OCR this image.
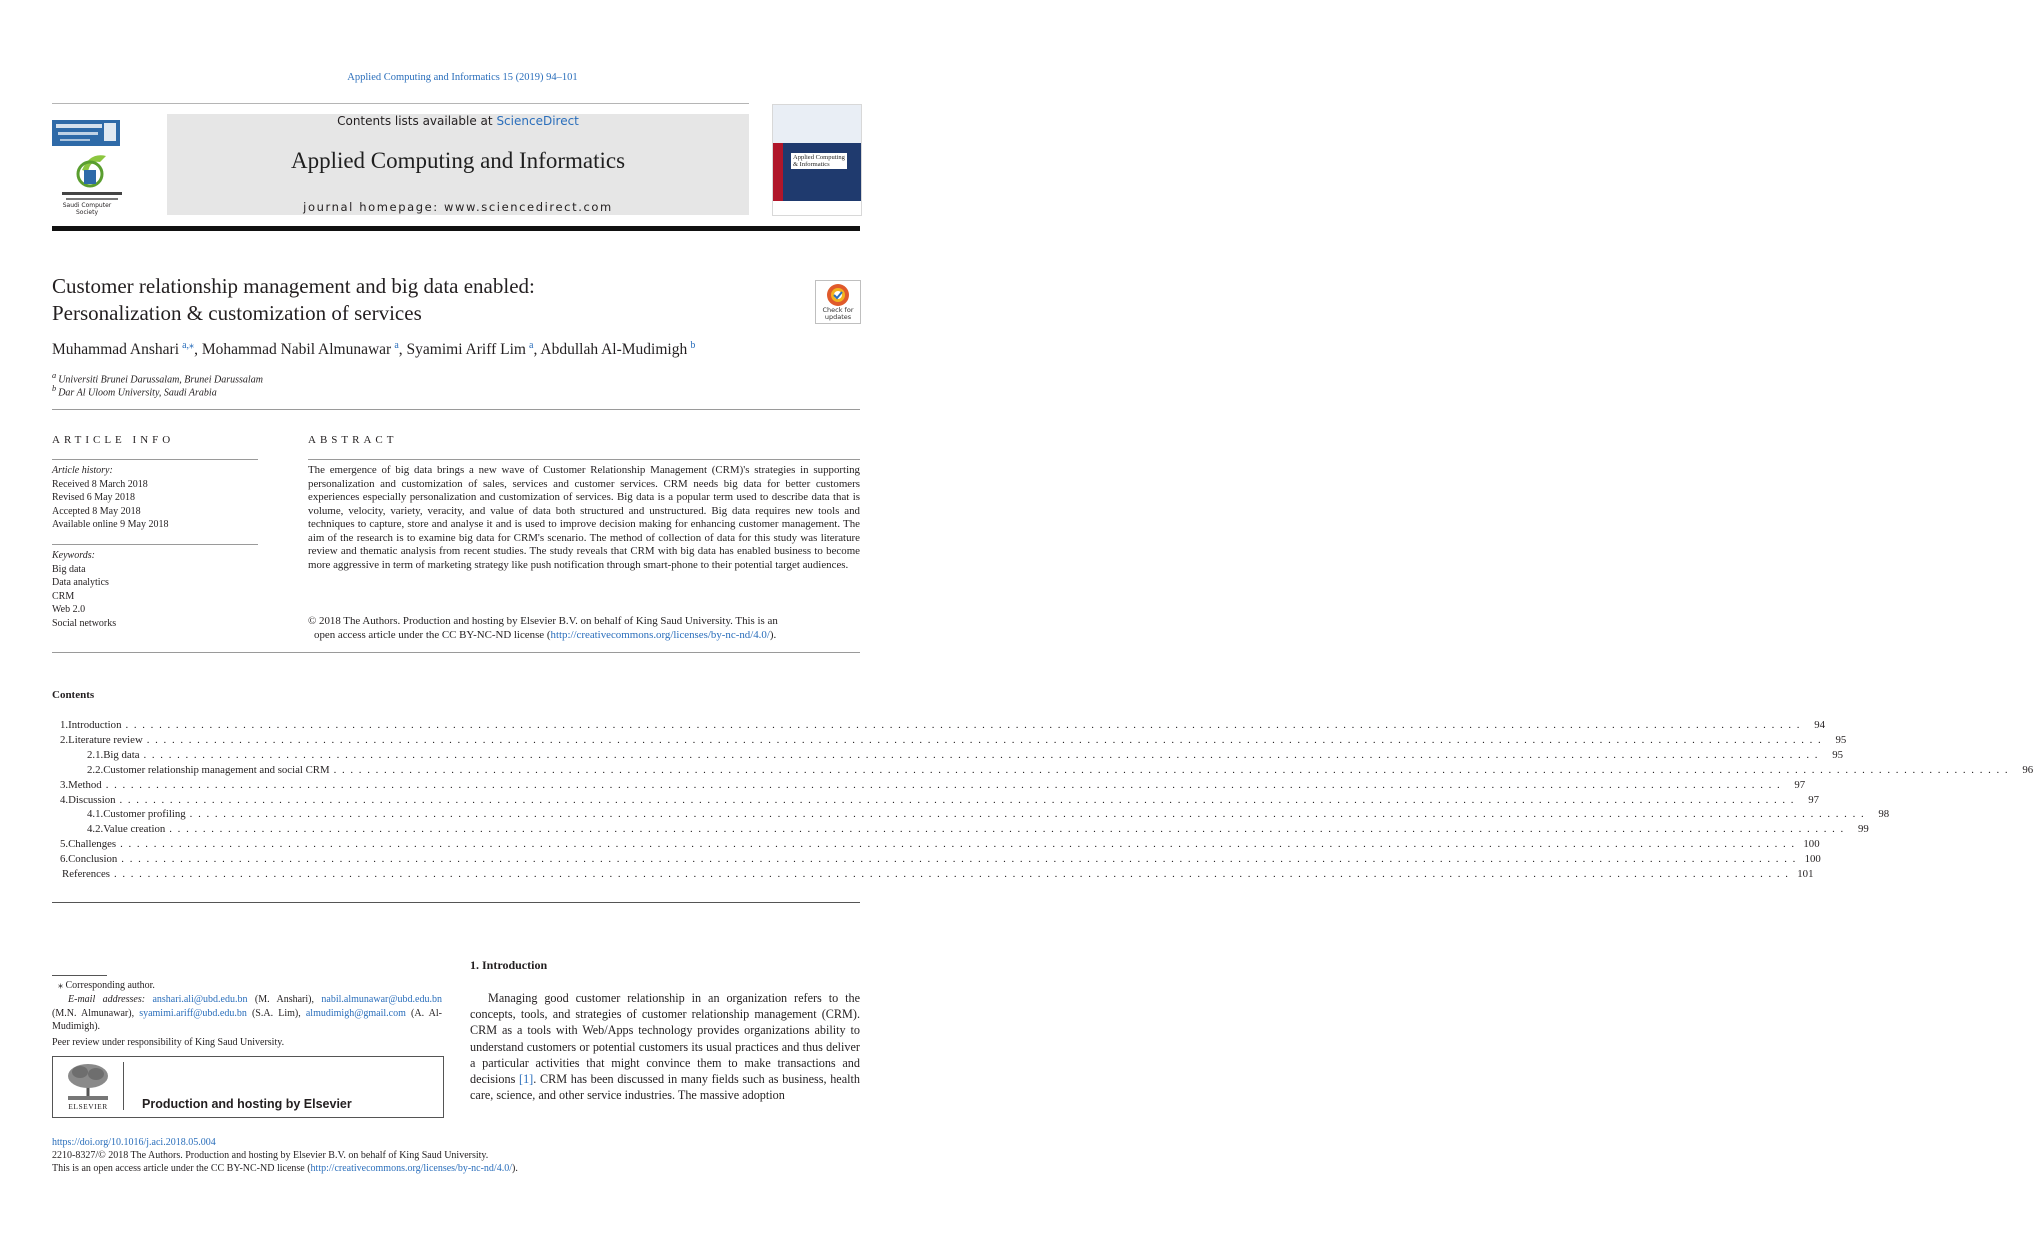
Applied Computing and Informatics 15 (2019) 94–101
Saudi Computer Society
Contents lists available at ScienceDirect
Applied Computing and Informatics
journal homepage: www.sciencedirect.com
Applied Computing
& Informatics
Customer relationship management and big data enabled:
Personalization & customization of services	Check for updates
Muhammad Anshari  $^{a,⁎}$, Mohammad Nabil Almunawar  $^a$, Syamimi Ariff Lim  $^a$, Abdullah Al-Mudimigh  $^b$
$^a$  Universiti Brunei Darussalam, Brunei Darussalam
$^b$  Dar Al Uloom University, Saudi Arabia
ARTICLE INFO
Article history:
Received 8 March 2018
Revised 6 May 2018
Accepted 8 May 2018
Available online 9 May 2018
Keywords:
Big data
Data analytics
CRM
Web 2.0
Social networks
ABSTRACT
The emergence of big data brings a new wave of Customer Relationship Management (CRM)'s strategies in supporting personalization and customization of sales, services and customer services. CRM needs big data for better customers experiences especially personalization and customization of services. Big data is a popular term used to describe data that is volume, velocity, variety, veracity, and value of data both structured and unstructured. Big data requires new tools and techniques to capture, store and analyse it and is used to improve decision making for enhancing customer management. The aim of the research is to examine big data for CRM's scenario. The method of collection of data for this study was literature review and thematic analysis from recent studies. The study reveals that CRM with big data has enabled business to become more aggressive in term of marketing strategy like push notification through smart-phone to their potential target audiences.
© 2018 The Authors. Production and hosting by Elsevier B.V. on behalf of King Saud University. This is an
open access article under the CC BY-NC-ND license (http://creativecommons.org/licenses/by-nc-nd/4.0/).
Contents
1. Introduction . . . . . . . . . . . . . . . . . . . . . . . . . . . . . . . . . . . . . . . . . . . . . . . . . . . . . . . . . . . . . . . . . . . . . . . . . . . . . . . . . . . . . . . . . . . . . . . . . . . . . . . . . . . . . . . . . . . . . . . . . . . . . . . . . . . . . . . . . . . . . . . . . . . . . . . . . . . . . . . . . . . . . . . . . . . . . . . . . . . . . . . . . . . . . . . . . . . . . . . .	94
2. Literature review . . . . . . . . . . . . . . . . . . . . . . . . . . . . . . . . . . . . . . . . . . . . . . . . . . . . . . . . . . . . . . . . . . . . . . . . . . . . . . . . . . . . . . . . . . . . . . . . . . . . . . . . . . . . . . . . . . . . . . . . . . . . . . . . . . . . . . . . . . . . . . . . . . . . . . . . . . . . . . . . . . . . . . . . . . . . . . . . . . . . . . . . . . . . . . . . . . . . . . . .	95
2.1. Big data . . . . . . . . . . . . . . . . . . . . . . . . . . . . . . . . . . . . . . . . . . . . . . . . . . . . . . . . . . . . . . . . . . . . . . . . . . . . . . . . . . . . . . . . . . . . . . . . . . . . . . . . . . . . . . . . . . . . . . . . . . . . . . . . . . . . . . . . . . . . . . . . . . . . . . . . . . . . . . . . . . . . . . . . . . . . . . . . . . . . . . . . . . . . . . . . . . . . . . . .	95
2.2. Customer relationship management and social CRM . . . . . . . . . . . . . . . . . . . . . . . . . . . . . . . . . . . . . . . . . . . . . . . . . . . . . . . . . . . . . . . . . . . . . . . . . . . . . . . . . . . . . . . . . . . . . . . . . . . . . . . . . . . . . . . . . . . . . . . . . . . . . . . . . . . . . . . . . . . . . . . . . . . . . . . . . . . . . . . . . . . . . . . . . . . . . . . . . . . . . . . . . . . . . . . . . . . . . . . .	96
3. Method . . . . . . . . . . . . . . . . . . . . . . . . . . . . . . . . . . . . . . . . . . . . . . . . . . . . . . . . . . . . . . . . . . . . . . . . . . . . . . . . . . . . . . . . . . . . . . . . . . . . . . . . . . . . . . . . . . . . . . . . . . . . . . . . . . . . . . . . . . . . . . . . . . . . . . . . . . . . . . . . . . . . . . . . . . . . . . . . . . . . . . . . . . . . . . . . . . . . . . . .	97
4. Discussion . . . . . . . . . . . . . . . . . . . . . . . . . . . . . . . . . . . . . . . . . . . . . . . . . . . . . . . . . . . . . . . . . . . . . . . . . . . . . . . . . . . . . . . . . . . . . . . . . . . . . . . . . . . . . . . . . . . . . . . . . . . . . . . . . . . . . . . . . . . . . . . . . . . . . . . . . . . . . . . . . . . . . . . . . . . . . . . . . . . . . . . . . . . . . . . . . . . . . . . .	97
4.1. Customer profiling . . . . . . . . . . . . . . . . . . . . . . . . . . . . . . . . . . . . . . . . . . . . . . . . . . . . . . . . . . . . . . . . . . . . . . . . . . . . . . . . . . . . . . . . . . . . . . . . . . . . . . . . . . . . . . . . . . . . . . . . . . . . . . . . . . . . . . . . . . . . . . . . . . . . . . . . . . . . . . . . . . . . . . . . . . . . . . . . . . . . . . . . . . . . . . . . . . . . . . . .	98
4.2. Value creation . . . . . . . . . . . . . . . . . . . . . . . . . . . . . . . . . . . . . . . . . . . . . . . . . . . . . . . . . . . . . . . . . . . . . . . . . . . . . . . . . . . . . . . . . . . . . . . . . . . . . . . . . . . . . . . . . . . . . . . . . . . . . . . . . . . . . . . . . . . . . . . . . . . . . . . . . . . . . . . . . . . . . . . . . . . . . . . . . . . . . . . . . . . . . . . . . . . . . . . .	99
5. Challenges . . . . . . . . . . . . . . . . . . . . . . . . . . . . . . . . . . . . . . . . . . . . . . . . . . . . . . . . . . . . . . . . . . . . . . . . . . . . . . . . . . . . . . . . . . . . . . . . . . . . . . . . . . . . . . . . . . . . . . . . . . . . . . . . . . . . . . . . . . . . . . . . . . . . . . . . . . . . . . . . . . . . . . . . . . . . . . . . . . . . . . . . . . . . . . . . . . . . . . . . 100
6. Conclusion . . . . . . . . . . . . . . . . . . . . . . . . . . . . . . . . . . . . . . . . . . . . . . . . . . . . . . . . . . . . . . . . . . . . . . . . . . . . . . . . . . . . . . . . . . . . . . . . . . . . . . . . . . . . . . . . . . . . . . . . . . . . . . . . . . . . . . . . . . . . . . . . . . . . . . . . . . . . . . . . . . . . . . . . . . . . . . . . . . . . . . . . . . . . . . . . . . . . . . . . 100
References . . . . . . . . . . . . . . . . . . . . . . . . . . . . . . . . . . . . . . . . . . . . . . . . . . . . . . . . . . . . . . . . . . . . . . . . . . . . . . . . . . . . . . . . . . . . . . . . . . . . . . . . . . . . . . . . . . . . . . . . . . . . . . . . . . . . . . . . . . . . . . . . . . . . . . . . . . . . . . . . . . . . . . . . . . . . . . . . . . . . . . . . . . . . . . . . . . . . . . . . 101
⁎ Corresponding author.
E-mail addresses: anshari.ali@ubd.edu.bn (M. Anshari), nabil.almunawar@ubd.edu.bn (M.N. Almunawar), syamimi.ariff@ubd.edu.bn (S.A. Lim), almudimigh@gmail.com (A. Al-Mudimigh).
Peer review under responsibility of King Saud University.
ELSEVIER	Production and hosting by Elsevier
1. Introduction
Managing good customer relationship in an organization refers to the concepts, tools, and strategies of customer relationship management (CRM). CRM as a tools with Web/Apps technology provides organizations ability to understand customers or potential customers its usual practices and thus deliver a particular activities that might convince them to make transactions and decisions [1]. CRM has been discussed in many fields such as business, health care, science, and other service industries. The massive adoption
https://doi.org/10.1016/j.aci.2018.05.004
2210-8327/© 2018 The Authors. Production and hosting by Elsevier B.V. on behalf of King Saud University.
This is an open access article under the CC BY-NC-ND license (http://creativecommons.org/licenses/by-nc-nd/4.0/).
